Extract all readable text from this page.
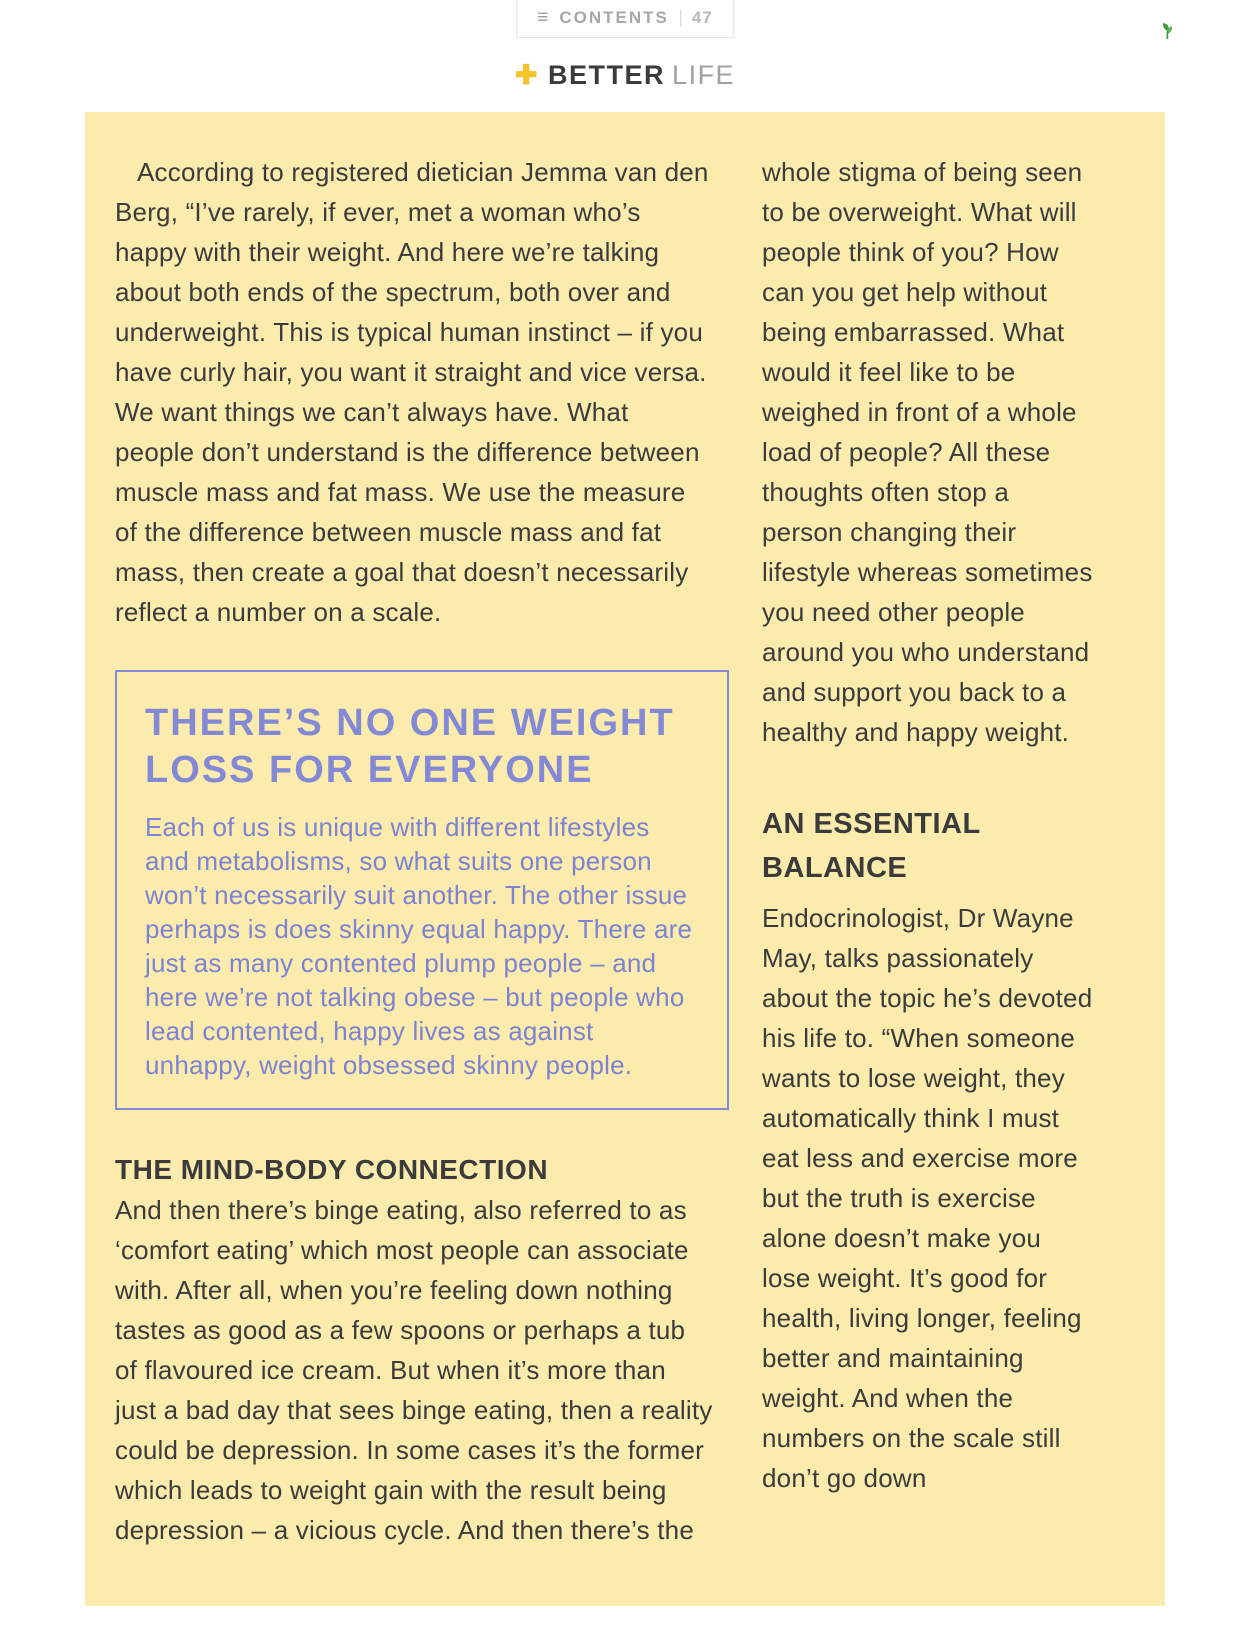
≡ CONTENTS 47
✚ BETTER LIFE

According to registered dietician Jemma van den Berg, “I’ve rarely, if ever, met a woman who’s happy with their weight. And here we’re talking about both ends of the spectrum, both over and underweight. This is typical human instinct – if you have curly hair, you want it straight and vice versa. We want things we can’t always have. What people don’t understand is the difference between muscle mass and fat mass. We use the measure of the difference between muscle mass and fat mass, then create a goal that doesn’t necessarily reflect a number on a scale.

THERE’S NO ONE WEIGHT LOSS FOR EVERYONE

Each of us is unique with different lifestyles and metabolisms, so what suits one person won’t necessarily suit another. The other issue perhaps is does skinny equal happy. There are just as many contented plump people – and here we’re not talking obese – but people who lead contented, happy lives as against unhappy, weight obsessed skinny people.

THE MIND-BODY CONNECTION

And then there’s binge eating, also referred to as ‘comfort eating’ which most people can associate with. After all, when you’re feeling down nothing tastes as good as a few spoons or perhaps a tub of flavoured ice cream. But when it’s more than just a bad day that sees binge eating, then a reality could be depression. In some cases it’s the former which leads to weight gain with the result being depression – a vicious cycle. And then there’s the

whole stigma of being seen to be overweight. What will people think of you? How can you get help without being embarrassed. What would it feel like to be weighed in front of a whole load of people? All these thoughts often stop a person changing their lifestyle whereas sometimes you need other people around you who understand and support you back to a healthy and happy weight.

AN ESSENTIAL BALANCE

Endocrinologist, Dr Wayne May, talks passionately about the topic he’s devoted his life to. “When someone wants to lose weight, they automatically think I must eat less and exercise more but the truth is exercise alone doesn’t make you lose weight. It’s good for health, living longer, feeling better and maintaining weight. And when the numbers on the scale still don’t go down
